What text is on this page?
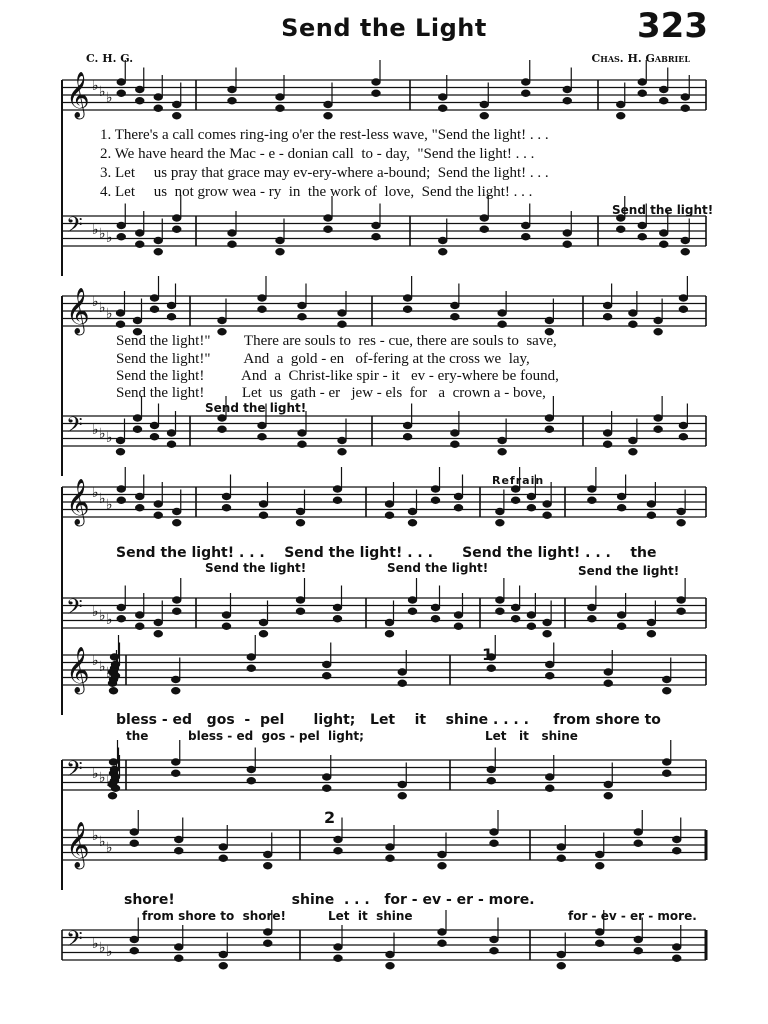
Send the Light	323
C. H. G.	Chas. H. Gabriel
𝄞 ♭ ♭ ♭
𝄢 ♭ ♭ ♭
𝄞 ♭ ♭ ♭
𝄢 ♭ ♭ ♭
𝄞 ♭ ♭ ♭
𝄢 ♭ ♭ ♭
𝄞 ♭ ♭ ♭
𝄢 ♭ ♭ ♭
𝄞 ♭ ♭ ♭
𝄢 ♭ ♭ ♭
1. There's a call comes ring-ing o'er the rest-less wave, "Send the light! . . .
2. We have heard the Mac - e - donian call  to - day,  "Send the light! . . .
3. Let     us pray that grace may ev-ery-where a-bound;  Send the light! . . .
4. Let     us  not grow wea - ry  in  the work of  love,  Send the light! . . .
Send the light!
Send the light!"         There are souls to  res - cue, there are souls to  save,
Send the light!"         And  a  gold - en   of-fering at the cross we  lay,
Send the light!          And  a  Christ-like spir - it   ev - ery-where be found,
Send the light!          Let  us  gath - er   jew - els  for   a  crown a - bove,
Send the light!
Refrain
Send the light! . . .    Send the light! . . .      Send the light! . . .    the
Send the light!	Send the light!	Send the light!
1
bless - ed   gos  -  pel      light;   Let    it    shine . . . .     from shore to
the	bless - ed  gos - pel  light;	Let   it   shine
2
shore!                        shine  . . .   for - ev - er - more.
from shore to  shore!	Let  it  shine	for - ev - er - more.
